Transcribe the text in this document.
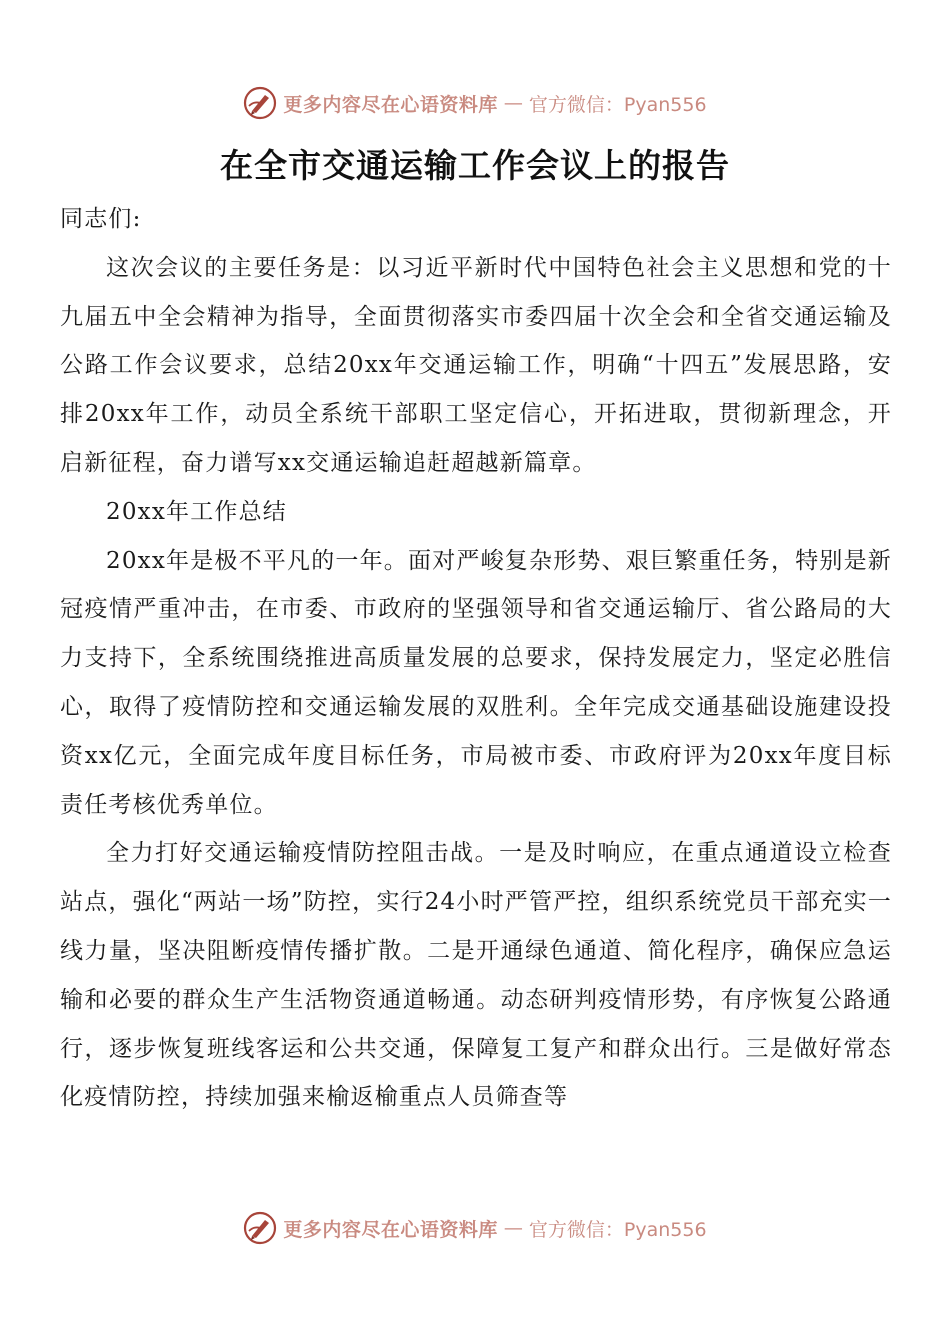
更多内容尽在心语资料库 — 官方微信：Pyan556
在全市交通运输工作会议上的报告

同志们:

这次会议的主要任务是：以习近平新时代中国特色社会主义思想和党的十九届五中全会精神为指导，全面贯彻落实市委四届十次全会和全省交通运输及公路工作会议要求，总结20xx年交通运输工作，明确“十四五”发展思路，安排20xx年工作，动员全系统干部职工坚定信心，开拓进取，贯彻新理念，开启新征程，奋力谱写xx交通运输追赶超越新篇章。

20xx年工作总结

20xx年是极不平凡的一年。面对严峻复杂形势、艰巨繁重任务，特别是新冠疫情严重冲击，在市委、市政府的坚强领导和省交通运输厅、省公路局的大力支持下，全系统围绕推进高质量发展的总要求，保持发展定力，坚定必胜信心，取得了疫情防控和交通运输发展的双胜利。全年完成交通基础设施建设投资xx亿元，全面完成年度目标任务，市局被市委、市政府评为20xx年度目标责任考核优秀单位。

全力打好交通运输疫情防控阻击战。一是及时响应，在重点通道设立检查站点，强化“两站一场”防控，实行24小时严管严控，组织系统党员干部充实一线力量，坚决阻断疫情传播扩散。二是开通绿色通道、简化程序，确保应急运输和必要的群众生产生活物资通道畅通。动态研判疫情形势，有序恢复公路通行，逐步恢复班线客运和公共交通，保障复工复产和群众出行。三是做好常态化疫情防控，持续加强来榆返榆重点人员筛查等

更多内容尽在心语资料库 — 官方微信：Pyan556
